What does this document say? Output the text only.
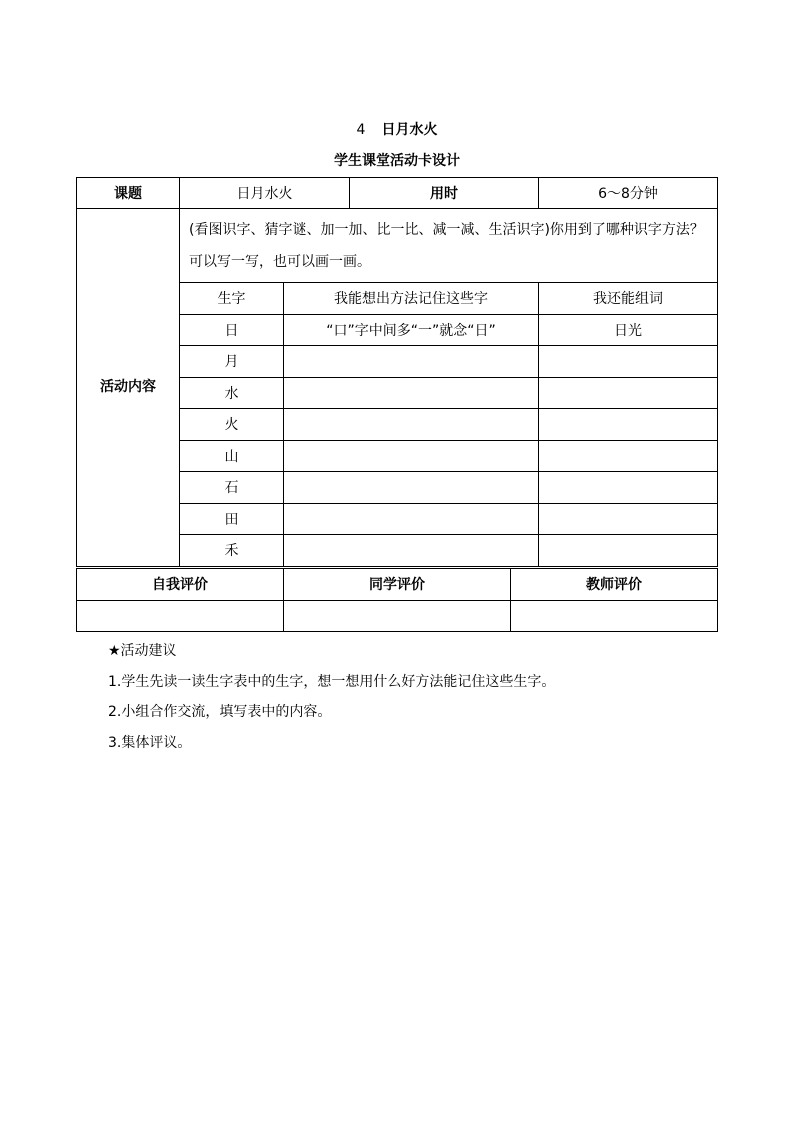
4 日月水火
学生课堂活动卡设计
课题	日月水火		用时	6～8分钟
活动内容	(看图识字、猜字谜、加一加、比一比、减一减、生活识字)你用到了哪种识字方法？可以写一写，也可以画一画。			
	生字	我能想出方法记住这些字		我还能组词
	日	“口”字中间多“一”就念“日”		日光
	月			
	水			
	火			
	山			
	石			
	田			
	禾			
自我评价	同学评价	教师评价

★活动建议

1.学生先读一读生字表中的生字，想一想用什么好方法能记住这些生字。

2.小组合作交流，填写表中的内容。

3.集体评议。
